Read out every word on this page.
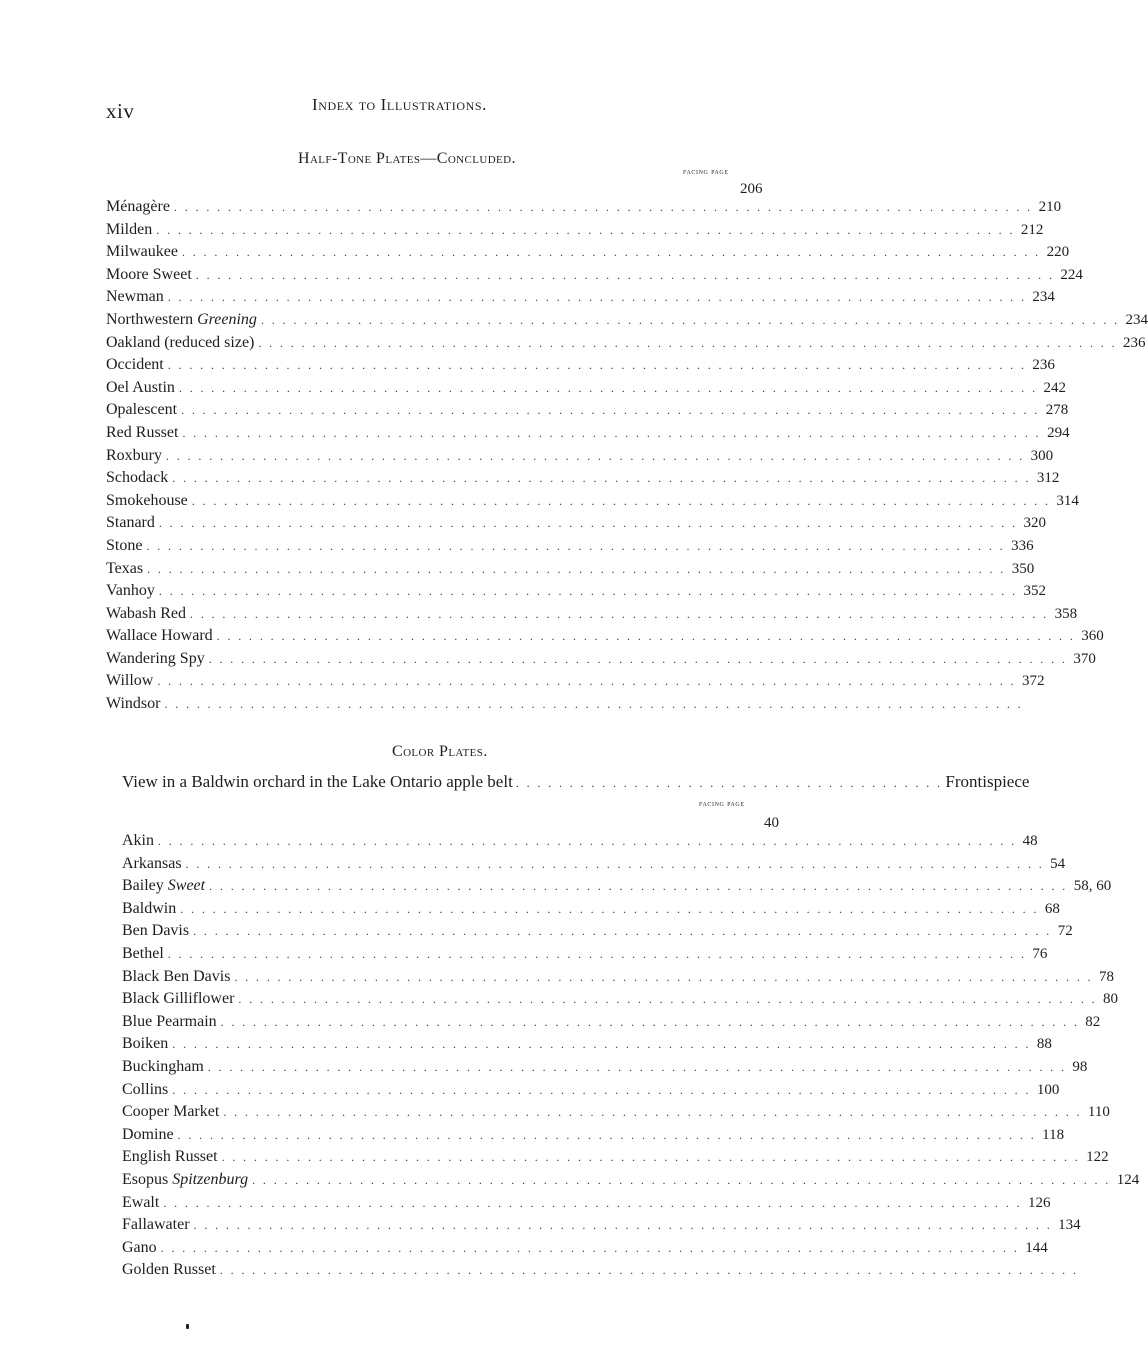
xiv	Index to Illustrations.
Half-Tone Plates—Concluded.
facing page
206
Ménagère . . . . . . . . . . . . . . . . . . . . . . . . . . . . . . . . . . . . . . . . . . . . . . . . . . . . . . . . . . . . . . . . . . . . . . . . . . . . . . . . 210
Milden . . . . . . . . . . . . . . . . . . . . . . . . . . . . . . . . . . . . . . . . . . . . . . . . . . . . . . . . . . . . . . . . . . . . . . . . . . . . . . . . 212
Milwaukee . . . . . . . . . . . . . . . . . . . . . . . . . . . . . . . . . . . . . . . . . . . . . . . . . . . . . . . . . . . . . . . . . . . . . . . . . . . . . . . . 220
Moore Sweet . . . . . . . . . . . . . . . . . . . . . . . . . . . . . . . . . . . . . . . . . . . . . . . . . . . . . . . . . . . . . . . . . . . . . . . . . . . . . . . . 224
Newman . . . . . . . . . . . . . . . . . . . . . . . . . . . . . . . . . . . . . . . . . . . . . . . . . . . . . . . . . . . . . . . . . . . . . . . . . . . . . . . . 234
Northwestern Greening . . . . . . . . . . . . . . . . . . . . . . . . . . . . . . . . . . . . . . . . . . . . . . . . . . . . . . . . . . . . . . . . . . . . . . . . . . . . . . . . 234
Oakland (reduced size) . . . . . . . . . . . . . . . . . . . . . . . . . . . . . . . . . . . . . . . . . . . . . . . . . . . . . . . . . . . . . . . . . . . . . . . . . . . . . . . . 236
Occident . . . . . . . . . . . . . . . . . . . . . . . . . . . . . . . . . . . . . . . . . . . . . . . . . . . . . . . . . . . . . . . . . . . . . . . . . . . . . . . . 236
Oel Austin . . . . . . . . . . . . . . . . . . . . . . . . . . . . . . . . . . . . . . . . . . . . . . . . . . . . . . . . . . . . . . . . . . . . . . . . . . . . . . . . 242
Opalescent . . . . . . . . . . . . . . . . . . . . . . . . . . . . . . . . . . . . . . . . . . . . . . . . . . . . . . . . . . . . . . . . . . . . . . . . . . . . . . . . 278
Red Russet . . . . . . . . . . . . . . . . . . . . . . . . . . . . . . . . . . . . . . . . . . . . . . . . . . . . . . . . . . . . . . . . . . . . . . . . . . . . . . . . 294
Roxbury . . . . . . . . . . . . . . . . . . . . . . . . . . . . . . . . . . . . . . . . . . . . . . . . . . . . . . . . . . . . . . . . . . . . . . . . . . . . . . . . 300
Schodack . . . . . . . . . . . . . . . . . . . . . . . . . . . . . . . . . . . . . . . . . . . . . . . . . . . . . . . . . . . . . . . . . . . . . . . . . . . . . . . . 312
Smokehouse . . . . . . . . . . . . . . . . . . . . . . . . . . . . . . . . . . . . . . . . . . . . . . . . . . . . . . . . . . . . . . . . . . . . . . . . . . . . . . . . 314
Stanard . . . . . . . . . . . . . . . . . . . . . . . . . . . . . . . . . . . . . . . . . . . . . . . . . . . . . . . . . . . . . . . . . . . . . . . . . . . . . . . . 320
Stone . . . . . . . . . . . . . . . . . . . . . . . . . . . . . . . . . . . . . . . . . . . . . . . . . . . . . . . . . . . . . . . . . . . . . . . . . . . . . . . . 336
Texas . . . . . . . . . . . . . . . . . . . . . . . . . . . . . . . . . . . . . . . . . . . . . . . . . . . . . . . . . . . . . . . . . . . . . . . . . . . . . . . . 350
Vanhoy . . . . . . . . . . . . . . . . . . . . . . . . . . . . . . . . . . . . . . . . . . . . . . . . . . . . . . . . . . . . . . . . . . . . . . . . . . . . . . . . 352
Wabash Red . . . . . . . . . . . . . . . . . . . . . . . . . . . . . . . . . . . . . . . . . . . . . . . . . . . . . . . . . . . . . . . . . . . . . . . . . . . . . . . . 358
Wallace Howard . . . . . . . . . . . . . . . . . . . . . . . . . . . . . . . . . . . . . . . . . . . . . . . . . . . . . . . . . . . . . . . . . . . . . . . . . . . . . . . . 360
Wandering Spy . . . . . . . . . . . . . . . . . . . . . . . . . . . . . . . . . . . . . . . . . . . . . . . . . . . . . . . . . . . . . . . . . . . . . . . . . . . . . . . . 370
Willow . . . . . . . . . . . . . . . . . . . . . . . . . . . . . . . . . . . . . . . . . . . . . . . . . . . . . . . . . . . . . . . . . . . . . . . . . . . . . . . . 372
Windsor . . . . . . . . . . . . . . . . . . . . . . . . . . . . . . . . . . . . . . . . . . . . . . . . . . . . . . . . . . . . . . . . . . . . . . . . . . . . . . . .
Color Plates.
View in a Baldwin orchard in the Lake Ontario apple belt . . . . . . . . . . . . . . . . . . . . . . . . . . . . . . . . . . . . . . . . Frontispiece
facing page
40
Akin . . . . . . . . . . . . . . . . . . . . . . . . . . . . . . . . . . . . . . . . . . . . . . . . . . . . . . . . . . . . . . . . . . . . . . . . . . . . . . . . 48
Arkansas . . . . . . . . . . . . . . . . . . . . . . . . . . . . . . . . . . . . . . . . . . . . . . . . . . . . . . . . . . . . . . . . . . . . . . . . . . . . . . . . 54
Bailey Sweet . . . . . . . . . . . . . . . . . . . . . . . . . . . . . . . . . . . . . . . . . . . . . . . . . . . . . . . . . . . . . . . . . . . . . . . . . . . . . . . . 58, 60
Baldwin . . . . . . . . . . . . . . . . . . . . . . . . . . . . . . . . . . . . . . . . . . . . . . . . . . . . . . . . . . . . . . . . . . . . . . . . . . . . . . . . 68
Ben Davis . . . . . . . . . . . . . . . . . . . . . . . . . . . . . . . . . . . . . . . . . . . . . . . . . . . . . . . . . . . . . . . . . . . . . . . . . . . . . . . . 72
Bethel . . . . . . . . . . . . . . . . . . . . . . . . . . . . . . . . . . . . . . . . . . . . . . . . . . . . . . . . . . . . . . . . . . . . . . . . . . . . . . . . 76
Black Ben Davis . . . . . . . . . . . . . . . . . . . . . . . . . . . . . . . . . . . . . . . . . . . . . . . . . . . . . . . . . . . . . . . . . . . . . . . . . . . . . . . . 78
Black Gilliflower . . . . . . . . . . . . . . . . . . . . . . . . . . . . . . . . . . . . . . . . . . . . . . . . . . . . . . . . . . . . . . . . . . . . . . . . . . . . . . . . 80
Blue Pearmain . . . . . . . . . . . . . . . . . . . . . . . . . . . . . . . . . . . . . . . . . . . . . . . . . . . . . . . . . . . . . . . . . . . . . . . . . . . . . . . . 82
Boiken . . . . . . . . . . . . . . . . . . . . . . . . . . . . . . . . . . . . . . . . . . . . . . . . . . . . . . . . . . . . . . . . . . . . . . . . . . . . . . . . 88
Buckingham . . . . . . . . . . . . . . . . . . . . . . . . . . . . . . . . . . . . . . . . . . . . . . . . . . . . . . . . . . . . . . . . . . . . . . . . . . . . . . . . 98
Collins . . . . . . . . . . . . . . . . . . . . . . . . . . . . . . . . . . . . . . . . . . . . . . . . . . . . . . . . . . . . . . . . . . . . . . . . . . . . . . . . 100
Cooper Market . . . . . . . . . . . . . . . . . . . . . . . . . . . . . . . . . . . . . . . . . . . . . . . . . . . . . . . . . . . . . . . . . . . . . . . . . . . . . . . . 110
Domine . . . . . . . . . . . . . . . . . . . . . . . . . . . . . . . . . . . . . . . . . . . . . . . . . . . . . . . . . . . . . . . . . . . . . . . . . . . . . . . . 118
English Russet . . . . . . . . . . . . . . . . . . . . . . . . . . . . . . . . . . . . . . . . . . . . . . . . . . . . . . . . . . . . . . . . . . . . . . . . . . . . . . . . 122
Esopus Spitzenburg . . . . . . . . . . . . . . . . . . . . . . . . . . . . . . . . . . . . . . . . . . . . . . . . . . . . . . . . . . . . . . . . . . . . . . . . . . . . . . . . 124
Ewalt . . . . . . . . . . . . . . . . . . . . . . . . . . . . . . . . . . . . . . . . . . . . . . . . . . . . . . . . . . . . . . . . . . . . . . . . . . . . . . . . 126
Fallawater . . . . . . . . . . . . . . . . . . . . . . . . . . . . . . . . . . . . . . . . . . . . . . . . . . . . . . . . . . . . . . . . . . . . . . . . . . . . . . . . 134
Gano . . . . . . . . . . . . . . . . . . . . . . . . . . . . . . . . . . . . . . . . . . . . . . . . . . . . . . . . . . . . . . . . . . . . . . . . . . . . . . . . 144
Golden Russet . . . . . . . . . . . . . . . . . . . . . . . . . . . . . . . . . . . . . . . . . . . . . . . . . . . . . . . . . . . . . . . . . . . . . . . . . . . . . . . .
